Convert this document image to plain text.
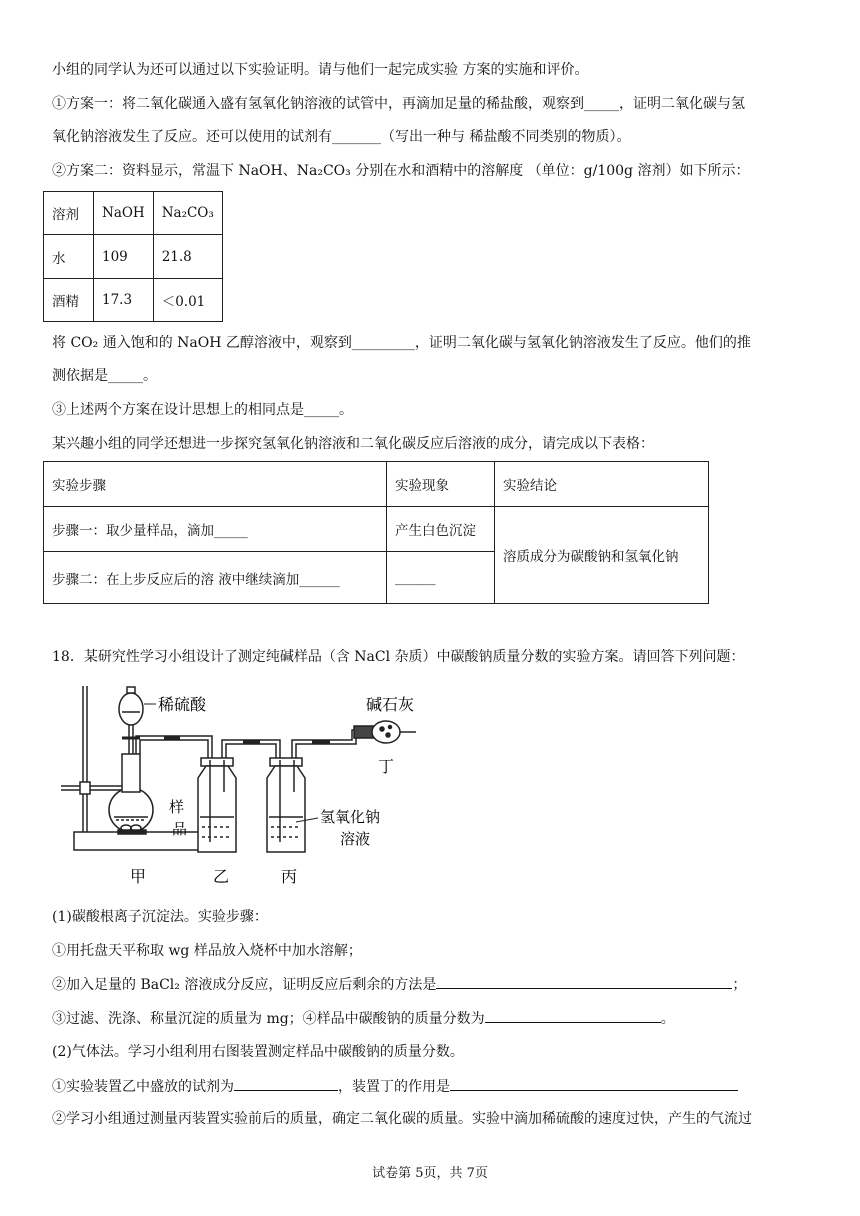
小组的同学认为还可以通过以下实验证明。请与他们一起完成实验 方案的实施和评价。
①方案一：将二氧化碳通入盛有氢氧化钠溶液的试管中，再滴加足量的稀盐酸，观察到_____，证明二氧化碳与氢
氧化钠溶液发生了反应。还可以使用的试剂有_______（写出一种与 稀盐酸不同类别的物质）。
②方案二：资料显示，常温下 NaOH、Na₂CO₃ 分别在水和酒精中的溶解度 （单位：g/100g 溶剂）如下所示：
溶剂	NaOH	Na₂CO₃
水	109	21.8
酒精	17.3	＜0.01
将 CO₂ 通入饱和的 NaOH 乙醇溶液中，观察到_________，证明二氧化碳与氢氧化钠溶液发生了反应。他们的推
测依据是_____。
③上述两个方案在设计思想上的相同点是_____。
某兴趣小组的同学还想进一步探究氢氧化钠溶液和二氧化碳反应后溶液的成分，请完成以下表格：
实验步骤	实验现象	实验结论
步骤一：取少量样品，滴加_____	产生白色沉淀	溶质成分为碳酸钠和氢氧化钠
步骤二：在上步反应后的溶 液中继续滴加______	______	
18．某研究性学习小组设计了测定纯碱样品（含 NaCl 杂质）中碳酸钠质量分数的实验方案。请回答下列问题：
稀硫酸	碱石灰
丁
样
品
氢氧化钠
溶液
甲	乙	丙
(1)碳酸根离子沉淀法。实验步骤：
①用托盘天平称取 wg 样品放入烧杯中加水溶解；
②加入足量的 BaCl₂ 溶液成分反应，证明反应后剩余的方法是	；
③过滤、洗涤、称量沉淀的质量为 mg；④样品中碳酸钠的质量分数为	。
(2)气体法。学习小组利用右图装置测定样品中碳酸钠的质量分数。
①实验装置乙中盛放的试剂为	，装置丁的作用是
②学习小组通过测量丙装置实验前后的质量，确定二氧化碳的质量。实验中滴加稀硫酸的速度过快，产生的气流过
试卷第 5页，共 7页
